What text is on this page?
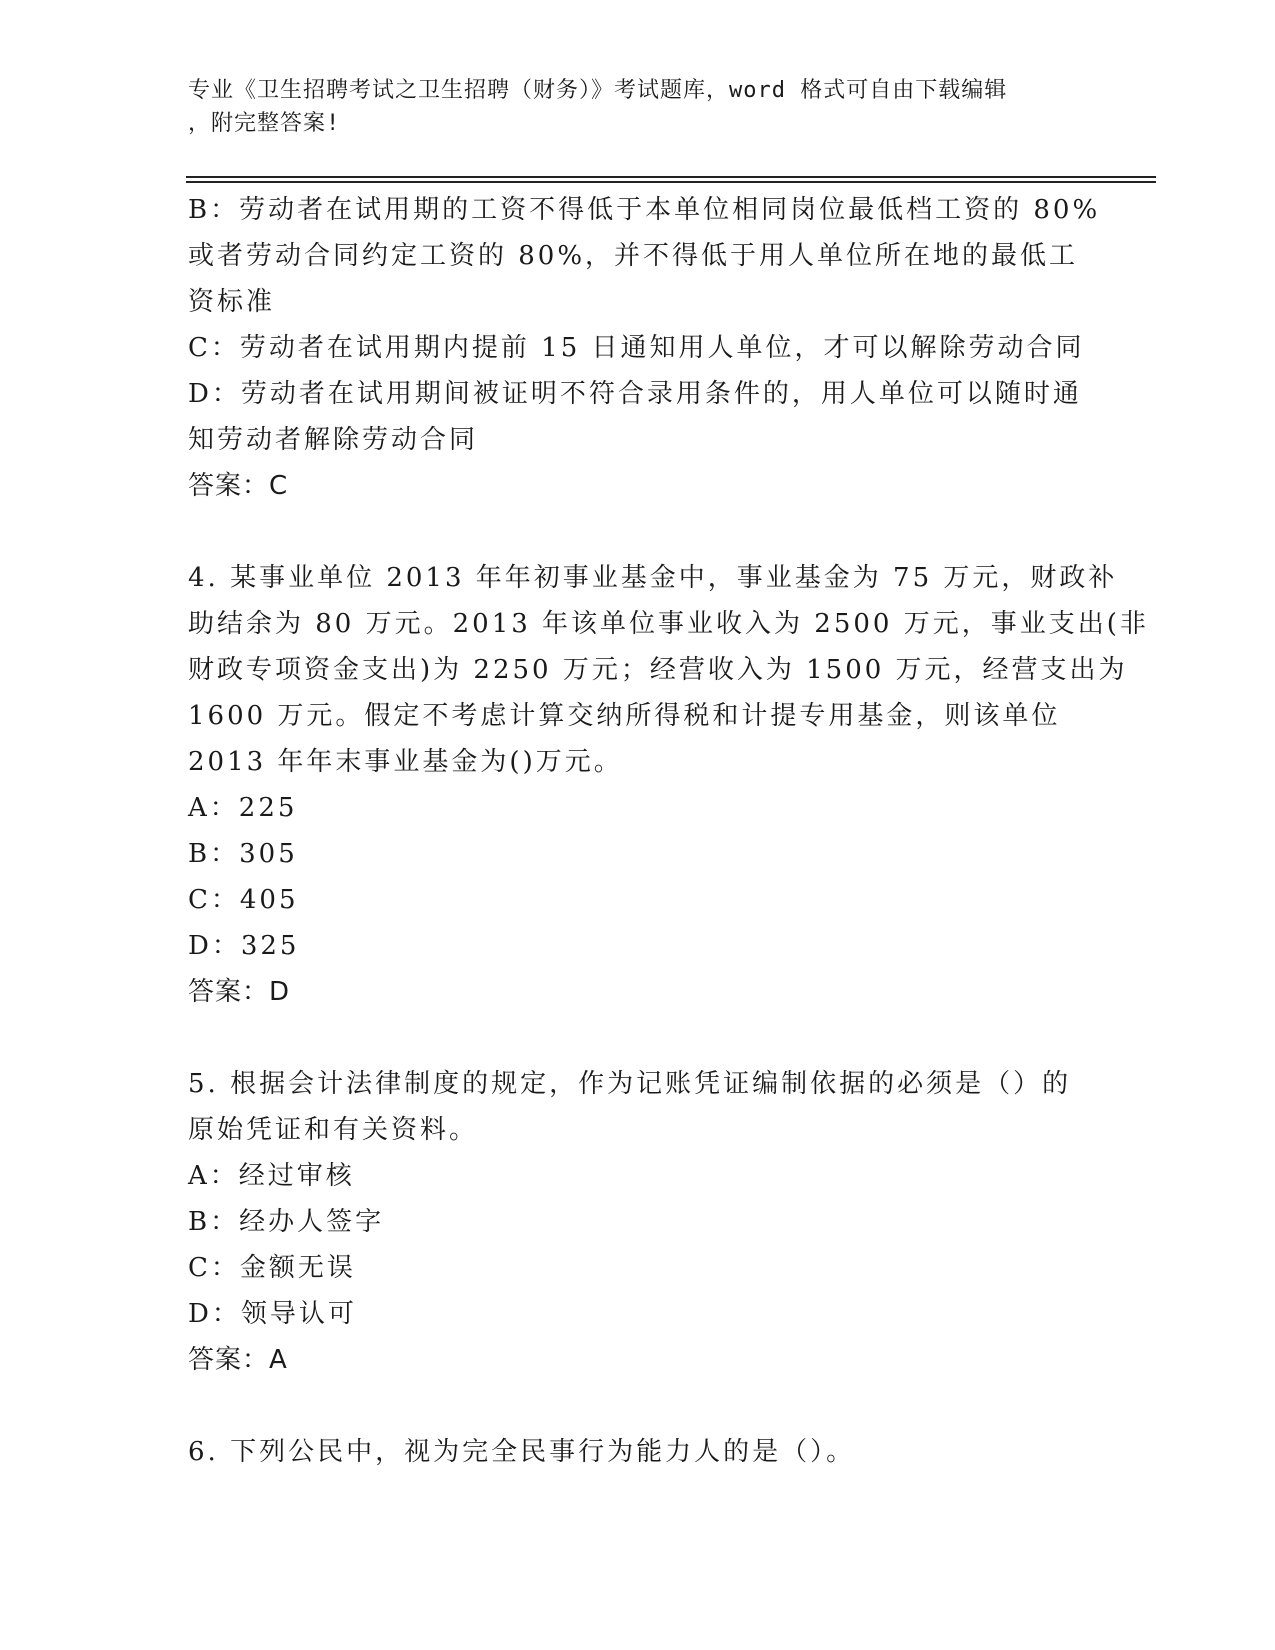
专业《卫生招聘考试之卫生招聘（财务）》考试题库，word 格式可自由下载编辑
，附完整答案!
B：劳动者在试用期的工资不得低于本单位相同岗位最低档工资的 80%
或者劳动合同约定工资的 80%，并不得低于用人单位所在地的最低工
资标准
C：劳动者在试用期内提前 15 日通知用人单位，才可以解除劳动合同
D：劳动者在试用期间被证明不符合录用条件的，用人单位可以随时通
知劳动者解除劳动合同
答案：C
4. 某事业单位 2013 年年初事业基金中，事业基金为 75 万元，财政补
助结余为 80 万元。2013 年该单位事业收入为 2500 万元，事业支出(非
财政专项资金支出)为 2250 万元；经营收入为 1500 万元，经营支出为
1600 万元。假定不考虑计算交纳所得税和计提专用基金，则该单位
2013 年年末事业基金为()万元。
A：225
B：305
C：405
D：325
答案：D
5. 根据会计法律制度的规定，作为记账凭证编制依据的必须是（）的
原始凭证和有关资料。
A：经过审核
B：经办人签字
C：金额无误
D：领导认可
答案：A
6. 下列公民中，视为完全民事行为能力人的是（）。
